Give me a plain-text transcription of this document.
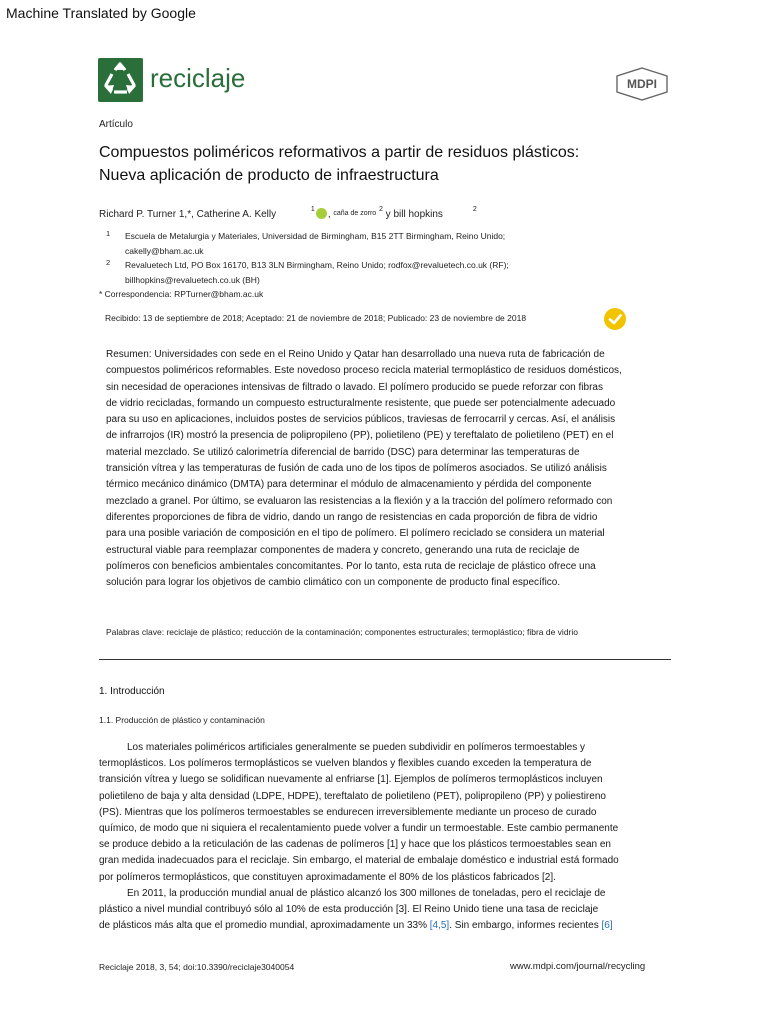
Machine Translated by Google
reciclaje	MDPI
Artículo
Compuestos poliméricos reformativos a partir de residuos plásticos:
Nueva aplicación de producto de infraestructura
Richard P. Turner 1,*, Catherine A. Kelly	$^1$ , $^{caña de zorro}$ $^2$ y bill hopkins	$^2$
1 Escuela de Metalurgia y Materiales, Universidad de Birmingham, B15 2TT Birmingham, Reino Unido;
cakelly@bham.ac.uk
2 Revaluetech Ltd, PO Box 16170, B13 3LN Birmingham, Reino Unido; rodfox@revaluetech.co.uk (RF);
billhopkins@revaluetech.co.uk (BH)
* Correspondencia: RPTurner@bham.ac.uk
Recibido: 13 de septiembre de 2018; Aceptado: 21 de noviembre de 2018; Publicado: 23 de noviembre de 2018
Resumen: Universidades con sede en el Reino Unido y Qatar han desarrollado una nueva ruta de fabricación de
compuestos poliméricos reformables. Este novedoso proceso recicla material termoplástico de residuos domésticos,
sin necesidad de operaciones intensivas de filtrado o lavado. El polímero producido se puede reforzar con fibras
de vidrio recicladas, formando un compuesto estructuralmente resistente, que puede ser potencialmente adecuado
para su uso en aplicaciones, incluidos postes de servicios públicos, traviesas de ferrocarril y cercas. Así, el análisis
de infrarrojos (IR) mostró la presencia de polipropileno (PP), polietileno (PE) y tereftalato de polietileno (PET) en el
material mezclado. Se utilizó calorimetría diferencial de barrido (DSC) para determinar las temperaturas de
transición vítrea y las temperaturas de fusión de cada uno de los tipos de polímeros asociados. Se utilizó análisis
térmico mecánico dinámico (DMTA) para determinar el módulo de almacenamiento y pérdida del componente
mezclado a granel. Por último, se evaluaron las resistencias a la flexión y a la tracción del polímero reformado con
diferentes proporciones de fibra de vidrio, dando un rango de resistencias en cada proporción de fibra de vidrio
para una posible variación de composición en el tipo de polímero. El polímero reciclado se considera un material
estructural viable para reemplazar componentes de madera y concreto, generando una ruta de reciclaje de
polímeros con beneficios ambientales concomitantes. Por lo tanto, esta ruta de reciclaje de plástico ofrece una
solución para lograr los objetivos de cambio climático con un componente de producto final específico.
Palabras clave: reciclaje de plástico; reducción de la contaminación; componentes estructurales; termoplástico; fibra de vidrio
1. Introducción
1.1. Producción de plástico y contaminación
Los materiales poliméricos artificiales generalmente se pueden subdividir en polímeros termoestables y
termoplásticos. Los polímeros termoplásticos se vuelven blandos y flexibles cuando exceden la temperatura de
transición vítrea y luego se solidifican nuevamente al enfriarse [1]. Ejemplos de polímeros termoplásticos incluyen
polietileno de baja y alta densidad (LDPE, HDPE), tereftalato de polietileno (PET), polipropileno (PP) y poliestireno
(PS). Mientras que los polímeros termoestables se endurecen irreversiblemente mediante un proceso de curado
químico, de modo que ni siquiera el recalentamiento puede volver a fundir un termoestable. Este cambio permanente
se produce debido a la reticulación de las cadenas de polímeros [1] y hace que los plásticos termoestables sean en
gran medida inadecuados para el reciclaje. Sin embargo, el material de embalaje doméstico e industrial está formado
por polímeros termoplásticos, que constituyen aproximadamente el 80% de los plásticos fabricados [2].
En 2011, la producción mundial anual de plástico alcanzó los 300 millones de toneladas, pero el reciclaje de
plástico a nivel mundial contribuyó sólo al 10% de esta producción [3]. El Reino Unido tiene una tasa de reciclaje
de plásticos más alta que el promedio mundial, aproximadamente un 33% [4,5]. Sin embargo, informes recientes [6]
Reciclaje 2018, 3, 54; doi:10.3390/reciclaje3040054	www.mdpi.com/journal/recycling
